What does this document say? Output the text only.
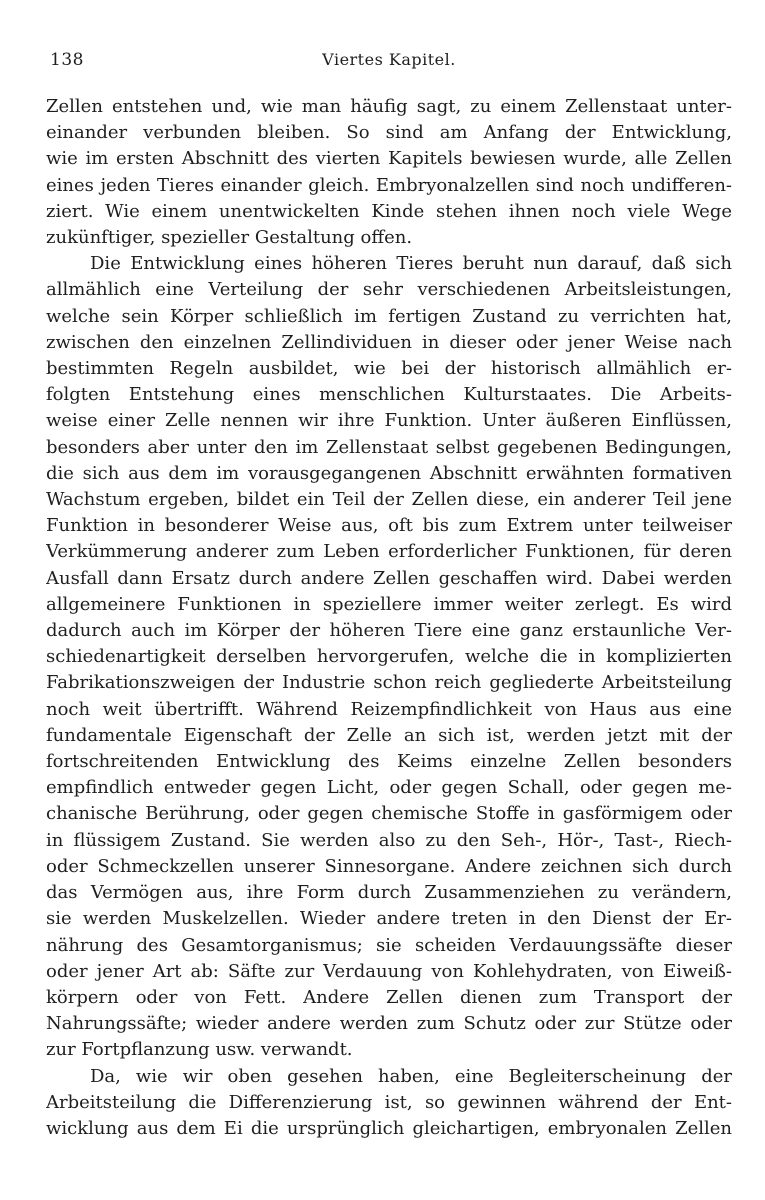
138	Viertes Kapitel.

Zellen entstehen und, wie man häufig sagt, zu einem Zellenstaat unter-

einander verbunden bleiben. So sind am Anfang der Entwicklung,

wie im ersten Abschnitt des vierten Kapitels bewiesen wurde, alle Zellen

eines jeden Tieres einander gleich. Embryonalzellen sind noch undifferen-

ziert. Wie einem unentwickelten Kinde stehen ihnen noch viele Wege

zukünftiger, spezieller Gestaltung offen.

Die Entwicklung eines höheren Tieres beruht nun darauf, daß sich

allmählich eine Verteilung der sehr verschiedenen Arbeitsleistungen,

welche sein Körper schließlich im fertigen Zustand zu verrichten hat,

zwischen den einzelnen Zellindividuen in dieser oder jener Weise nach

bestimmten Regeln ausbildet, wie bei der historisch allmählich er-

folgten Entstehung eines menschlichen Kulturstaates. Die Arbeits-

weise einer Zelle nennen wir ihre Funktion. Unter äußeren Einflüssen,

besonders aber unter den im Zellenstaat selbst gegebenen Bedingungen,

die sich aus dem im vorausgegangenen Abschnitt erwähnten formativen

Wachstum ergeben, bildet ein Teil der Zellen diese, ein anderer Teil jene

Funktion in besonderer Weise aus, oft bis zum Extrem unter teilweiser

Verkümmerung anderer zum Leben erforderlicher Funktionen, für deren

Ausfall dann Ersatz durch andere Zellen geschaffen wird. Dabei werden

allgemeinere Funktionen in speziellere immer weiter zerlegt. Es wird

dadurch auch im Körper der höheren Tiere eine ganz erstaunliche Ver-

schiedenartigkeit derselben hervorgerufen, welche die in komplizierten

Fabrikationszweigen der Industrie schon reich gegliederte Arbeitsteilung

noch weit übertrifft. Während Reizempfindlichkeit von Haus aus eine

fundamentale Eigenschaft der Zelle an sich ist, werden jetzt mit der

fortschreitenden Entwicklung des Keims einzelne Zellen besonders

empfindlich entweder gegen Licht, oder gegen Schall, oder gegen me-

chanische Berührung, oder gegen chemische Stoffe in gasförmigem oder

in flüssigem Zustand. Sie werden also zu den Seh-, Hör-, Tast-, Riech-

oder Schmeckzellen unserer Sinnesorgane. Andere zeichnen sich durch

das Vermögen aus, ihre Form durch Zusammenziehen zu verändern,

sie werden Muskelzellen. Wieder andere treten in den Dienst der Er-

nährung des Gesamtorganismus; sie scheiden Verdauungssäfte dieser

oder jener Art ab: Säfte zur Verdauung von Kohlehydraten, von Eiweiß-

körpern oder von Fett. Andere Zellen dienen zum Transport der

Nahrungssäfte; wieder andere werden zum Schutz oder zur Stütze oder

zur Fortpflanzung usw. verwandt.

Da, wie wir oben gesehen haben, eine Begleiterscheinung der

Arbeitsteilung die Differenzierung ist, so gewinnen während der Ent-

wicklung aus dem Ei die ursprünglich gleichartigen, embryonalen Zellen
